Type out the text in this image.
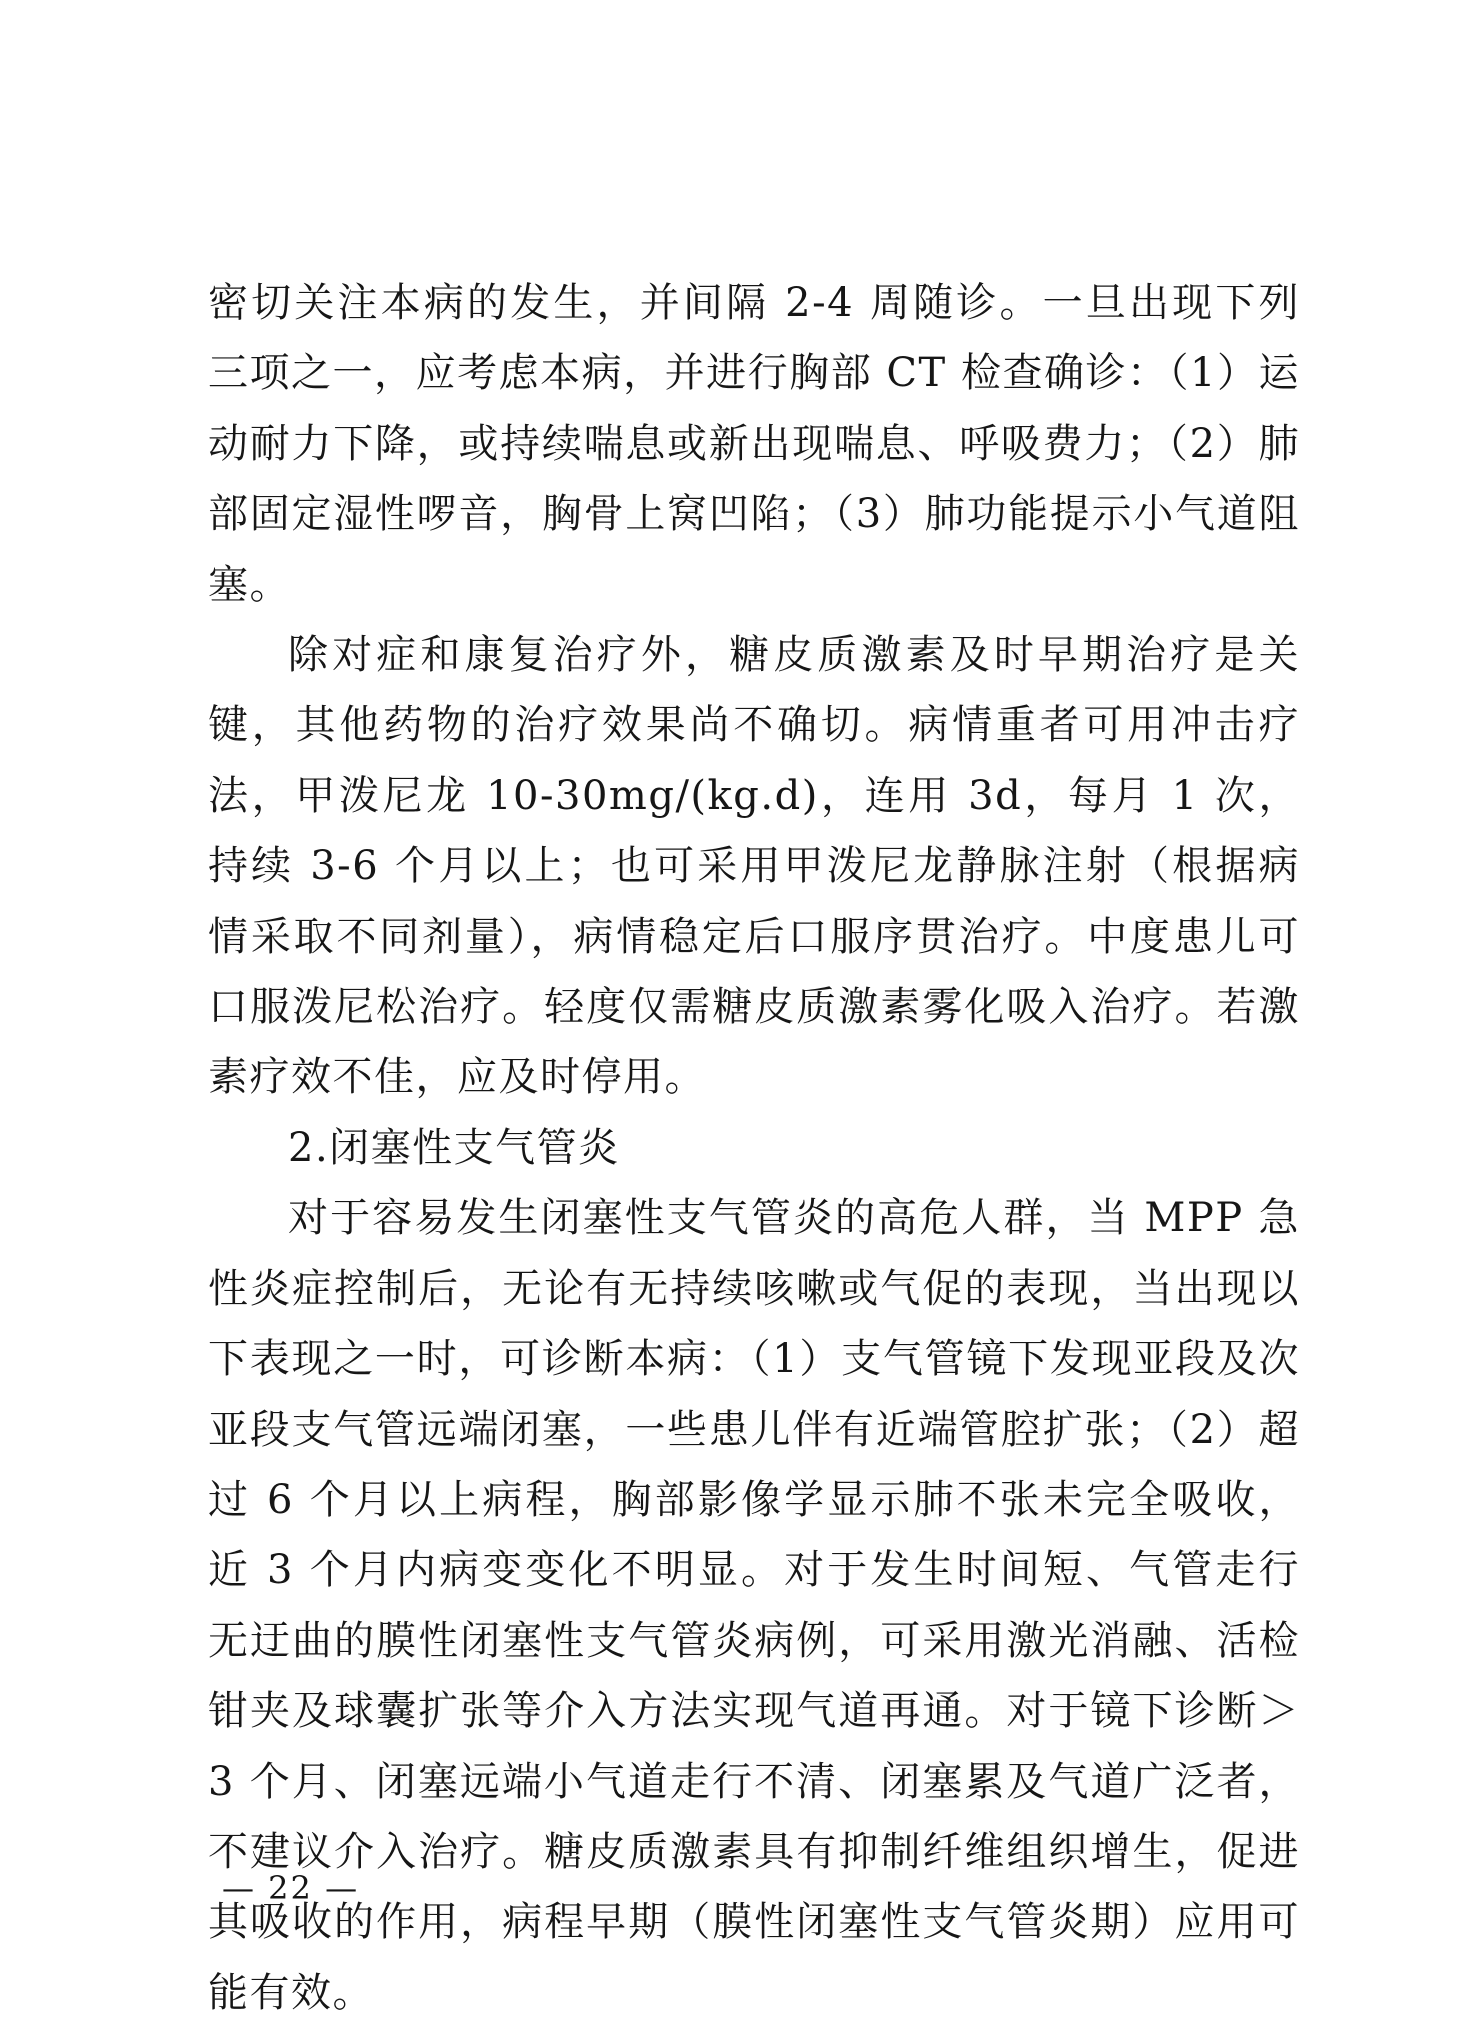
密切关注本病的发生，并间隔 2-4 周随诊。一旦出现下列三项之一，应考虑本病，并进行胸部 CT 检查确诊：（1）运动耐力下降，或持续喘息或新出现喘息、呼吸费力；（2）肺部固定湿性啰音，胸骨上窝凹陷；（3）肺功能提示小气道阻塞。

除对症和康复治疗外，糖皮质激素及时早期治疗是关键，其他药物的治疗效果尚不确切。病情重者可用冲击疗法，甲泼尼龙 10-30mg/(kg.d)，连用 3d，每月 1 次，持续 3-6 个月以上；也可采用甲泼尼龙静脉注射（根据病情采取不同剂量），病情稳定后口服序贯治疗。中度患儿可口服泼尼松治疗。轻度仅需糖皮质激素雾化吸入治疗。若激素疗效不佳，应及时停用。

2.闭塞性支气管炎

对于容易发生闭塞性支气管炎的高危人群，当 MPP 急性炎症控制后，无论有无持续咳嗽或气促的表现，当出现以下表现之一时，可诊断本病：（1）支气管镜下发现亚段及次亚段支气管远端闭塞，一些患儿伴有近端管腔扩张；（2）超过 6 个月以上病程，胸部影像学显示肺不张未完全吸收，近 3 个月内病变变化不明显。对于发生时间短、气管走行无迂曲的膜性闭塞性支气管炎病例，可采用激光消融、活检钳夹及球囊扩张等介入方法实现气道再通。对于镜下诊断＞3 个月、闭塞远端小气道走行不清、闭塞累及气道广泛者，不建议介入治疗。糖皮质激素具有抑制纤维组织增生，促进其吸收的作用，病程早期（膜性闭塞性支气管炎期）应用可能有效。

— 22 —
